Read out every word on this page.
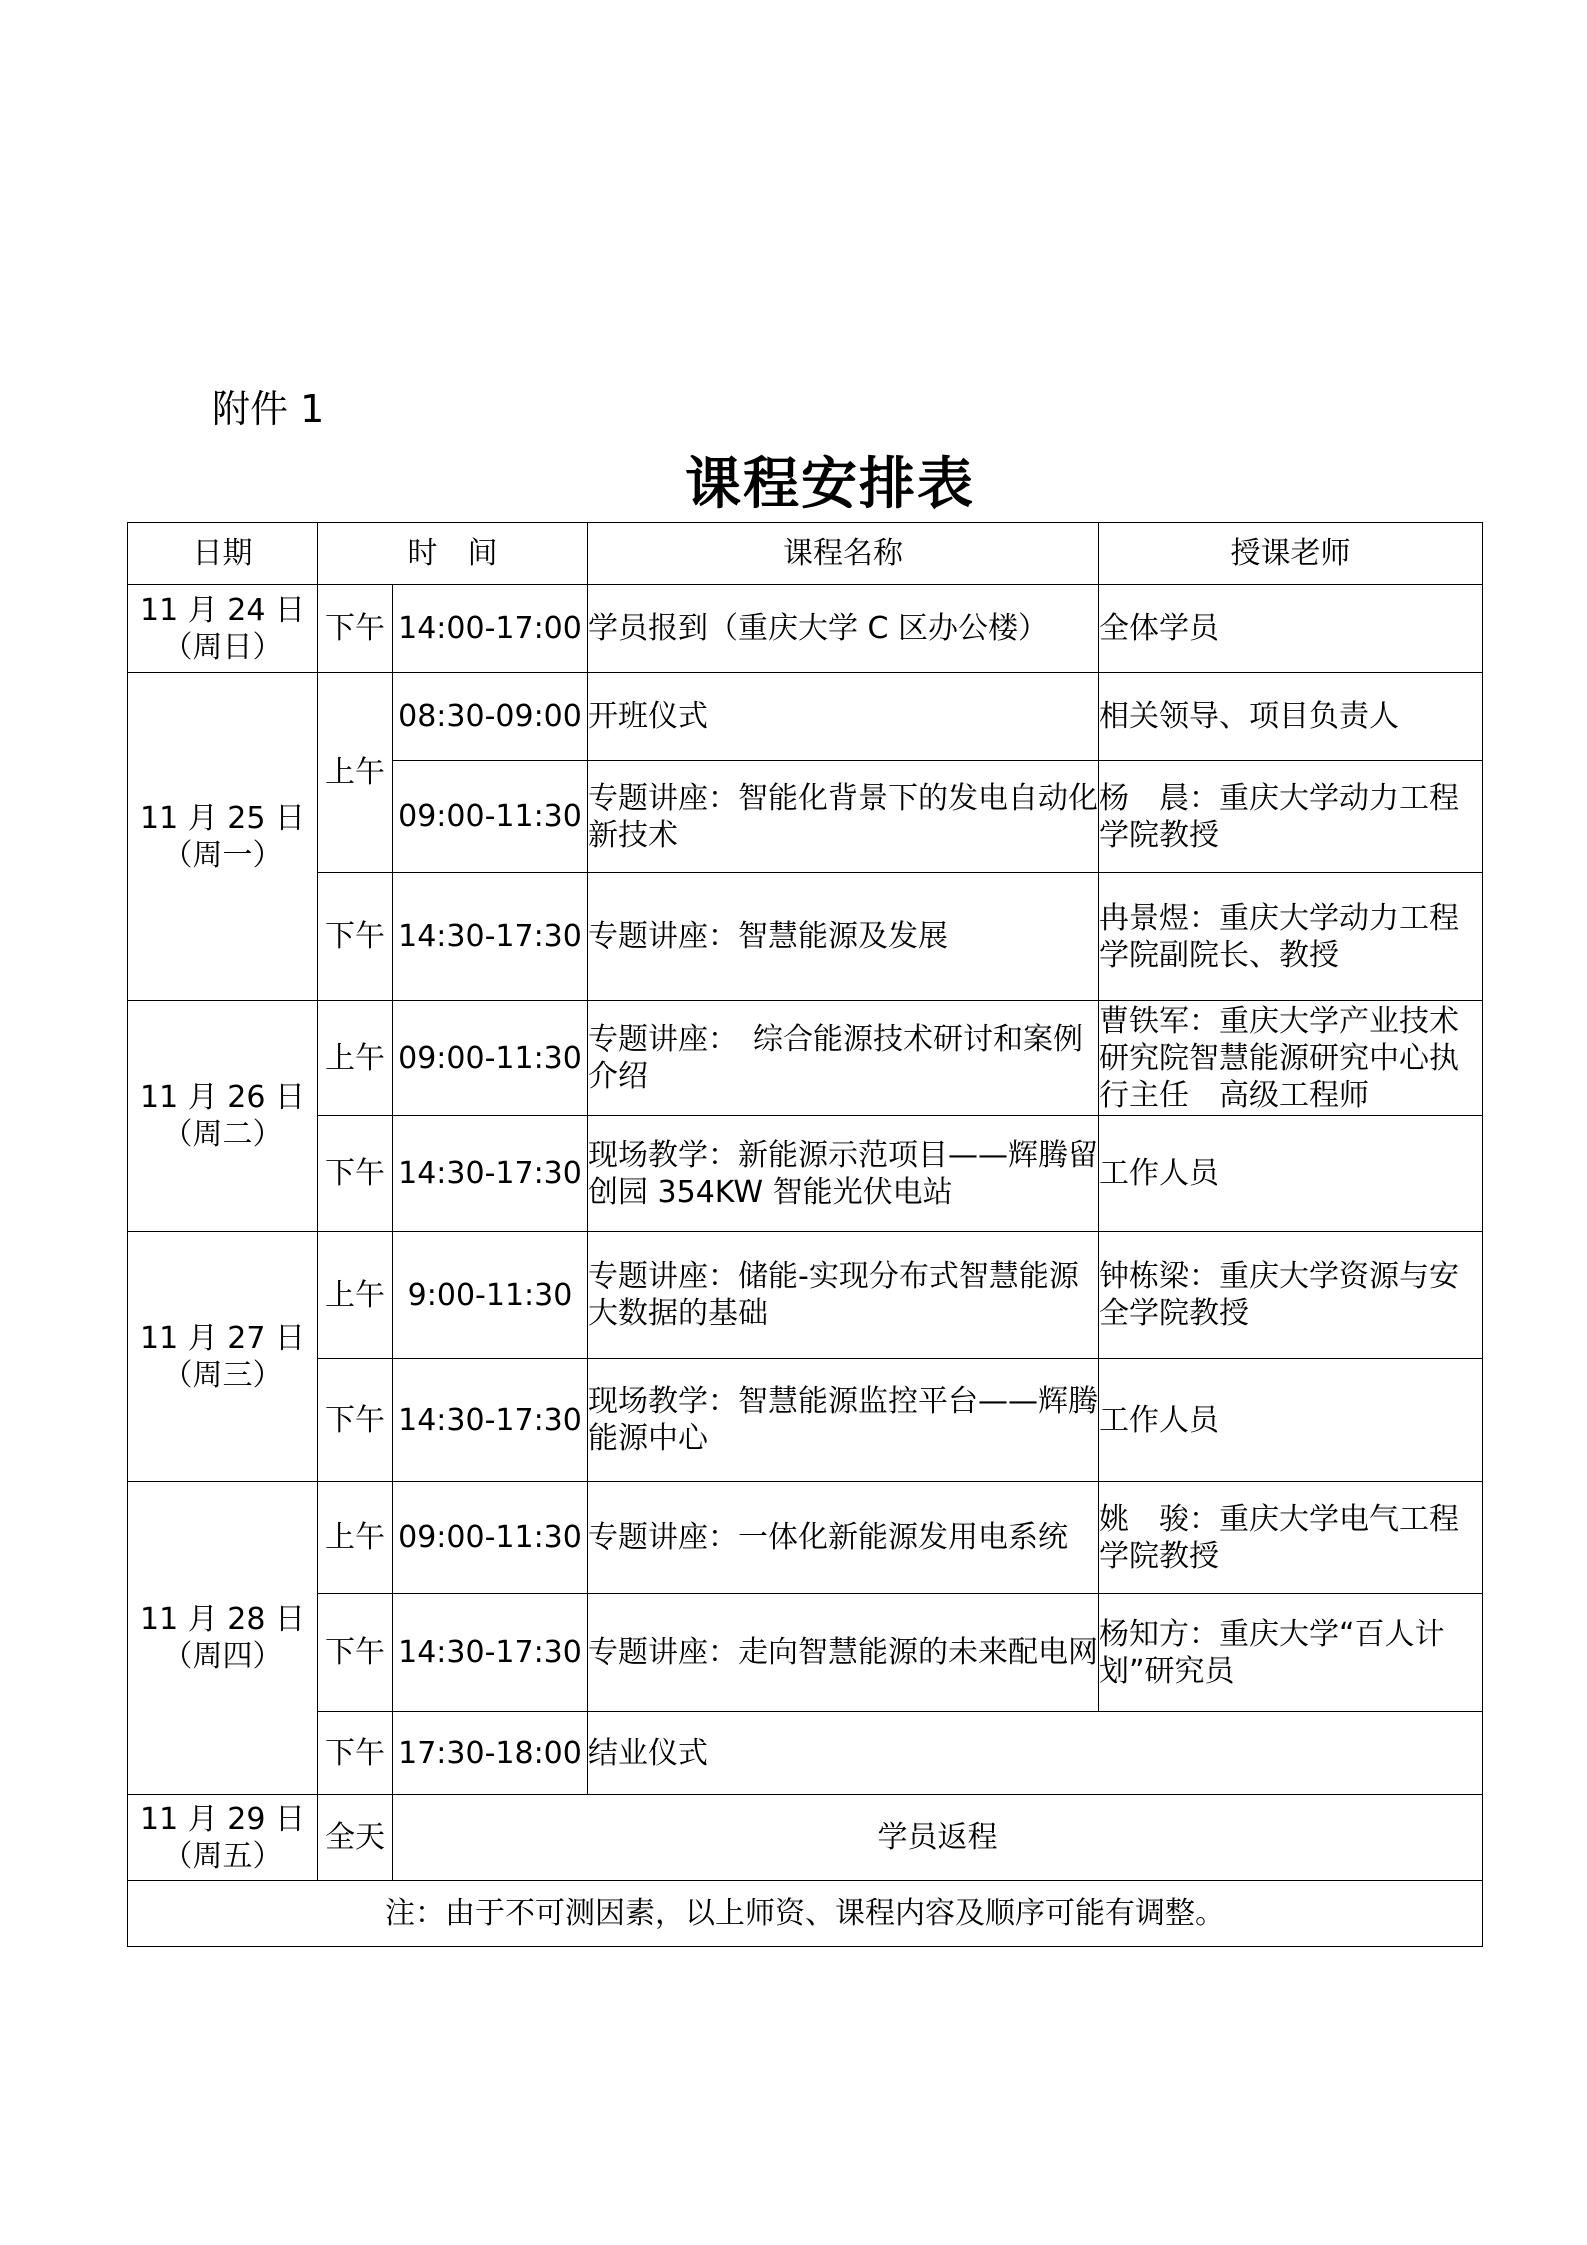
附件 1
课程安排表
日期	时　间		课程名称	授课老师

11 月 24 日
（周日）	下午	14:00-17:00	学员报到（重庆大学 C 区办公楼）	全体学员

11 月 25 日
（周一）	上午	08:30-09:00	开班仪式	相关领导、项目负责人
		09:00-11:30	专题讲座：智能化背景下的发电自动化新技术	杨　晨：重庆大学动力工程学院教授
	下午	14:30-17:30	专题讲座：智慧能源及发展	冉景煜：重庆大学动力工程学院副院长、教授

11 月 26 日
（周二）	上午	09:00-11:30	专题讲座：　综合能源技术研讨和案例介绍	曹铁军：重庆大学产业技术研究院智慧能源研究中心执行主任　高级工程师
	下午	14:30-17:30	现场教学：新能源示范项目——辉腾留创园 354KW 智能光伏电站	工作人员

11 月 27 日
（周三）	上午	9:00-11:30	专题讲座：储能-实现分布式智慧能源大数据的基础	钟栋梁：重庆大学资源与安全学院教授
	下午	14:30-17:30	现场教学：智慧能源监控平台——辉腾能源中心	工作人员

11 月 28 日
（周四）	上午	09:00-11:30	专题讲座：一体化新能源发用电系统	姚　骏：重庆大学电气工程学院教授
	下午	14:30-17:30	专题讲座：走向智慧能源的未来配电网	杨知方：重庆大学“百人计划”研究员
	下午	17:30-18:00	结业仪式	

11 月 29 日
（周五）	全天	学员返程		
注：由于不可测因素，以上师资、课程内容及顺序可能有调整。				
